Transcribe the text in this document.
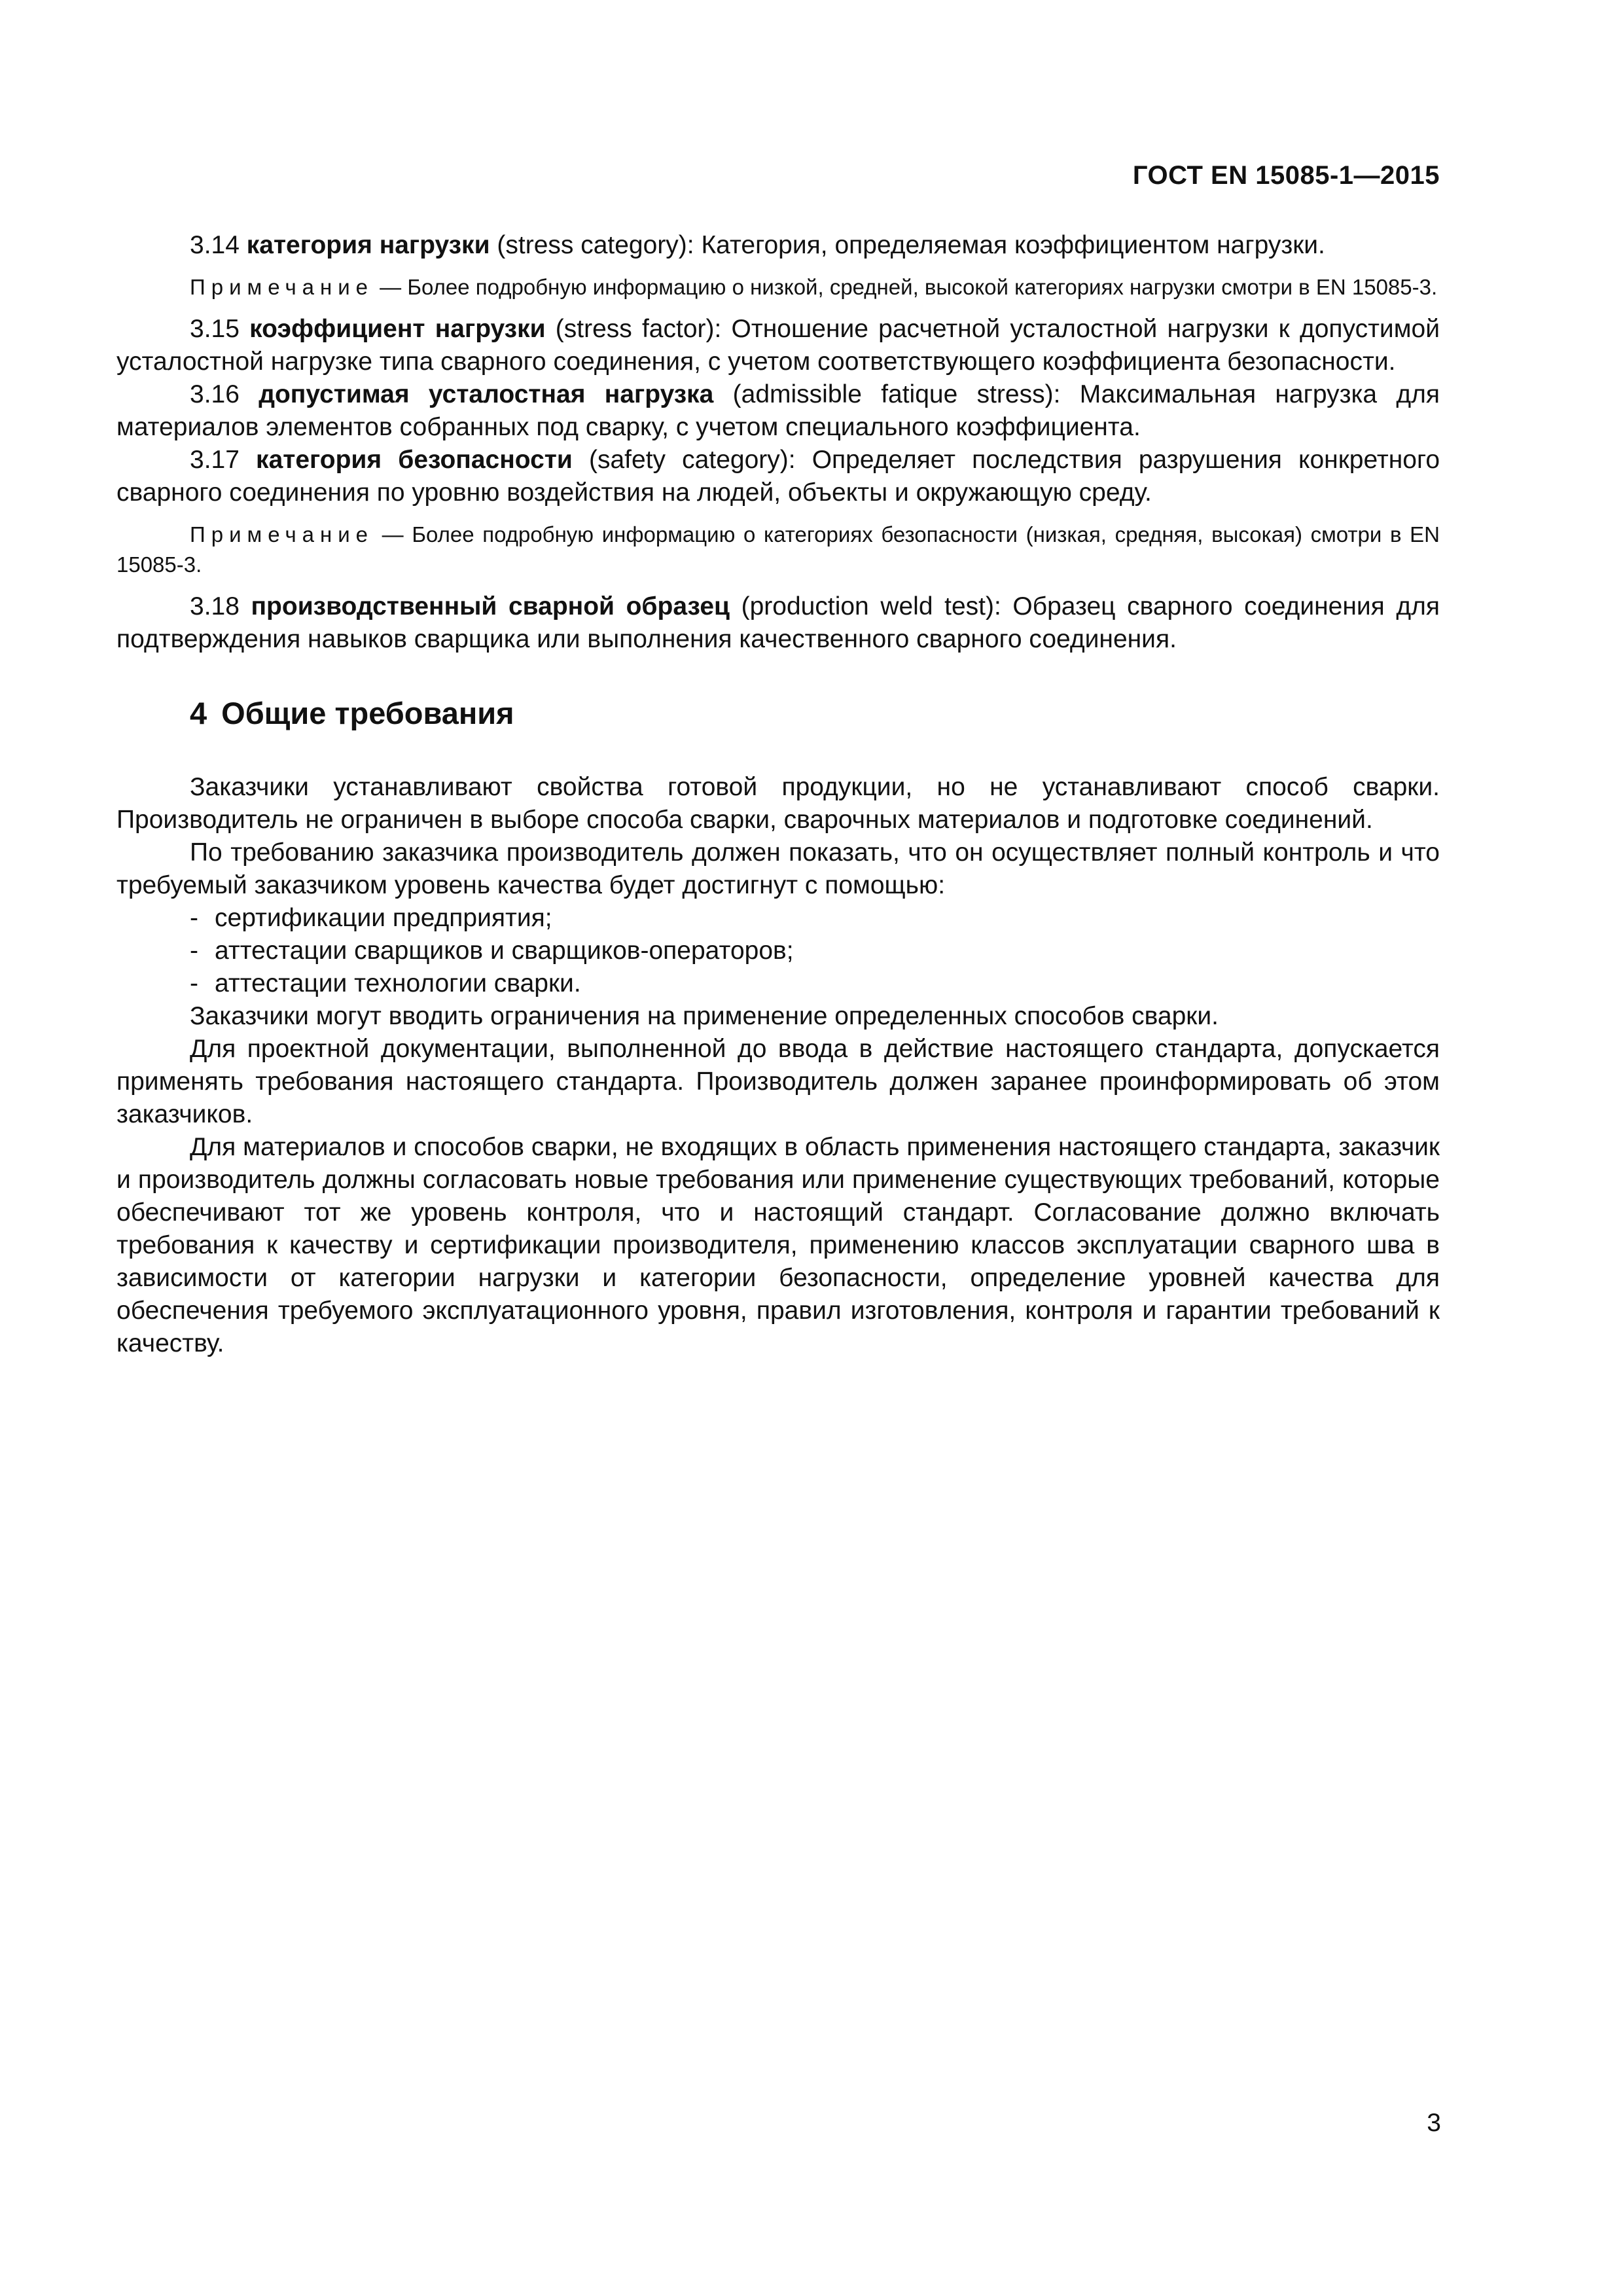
ГОСТ EN 15085-1—2015

3.14 категория нагрузки (stress category): Категория, определяемая коэффициентом нагрузки.

Примечание — Более подробную информацию о низкой, средней, высокой категориях нагрузки смотри в EN 15085-3.

3.15 коэффициент нагрузки (stress factor): Отношение расчетной усталостной нагрузки к допустимой усталостной нагрузке типа сварного соединения, с учетом соответствующего коэффициента безопасности.

3.16 допустимая усталостная нагрузка (admissible fatique stress): Максимальная нагрузка для материалов элементов собранных под сварку, с учетом специального коэффициента.

3.17 категория безопасности (safety category): Определяет последствия разрушения конкретного сварного соединения по уровню воздействия на людей, объекты и окружающую среду.

Примечание — Более подробную информацию о категориях безопасности (низкая, средняя, высокая) смотри в EN 15085-3.

3.18 производственный сварной образец (production weld test): Образец сварного соединения для подтверждения навыков сварщика или выполнения качественного сварного соединения.

4 Общие требования

Заказчики устанавливают свойства готовой продукции, но не устанавливают способ сварки. Производитель не ограничен в выборе способа сварки, сварочных материалов и подготовке соединений.

По требованию заказчика производитель должен показать, что он осуществляет полный контроль и что требуемый заказчиком уровень качества будет достигнут с помощью:

- сертификации предприятия;
- аттестации сварщиков и сварщиков-операторов;
- аттестации технологии сварки.

Заказчики могут вводить ограничения на применение определенных способов сварки.

Для проектной документации, выполненной до ввода в действие настоящего стандарта, допускается применять требования настоящего стандарта. Производитель должен заранее проинформировать об этом заказчиков.

Для материалов и способов сварки, не входящих в область применения настоящего стандарта, заказчик и производитель должны согласовать новые требования или применение существующих требований, которые обеспечивают тот же уровень контроля, что и настоящий стандарт. Согласование должно включать требования к качеству и сертификации производителя, применению классов эксплуатации сварного шва в зависимости от категории нагрузки и категории безопасности, определение уровней качества для обеспечения требуемого эксплуатационного уровня, правил изготовления, контроля и гарантии требований к качеству.

3
